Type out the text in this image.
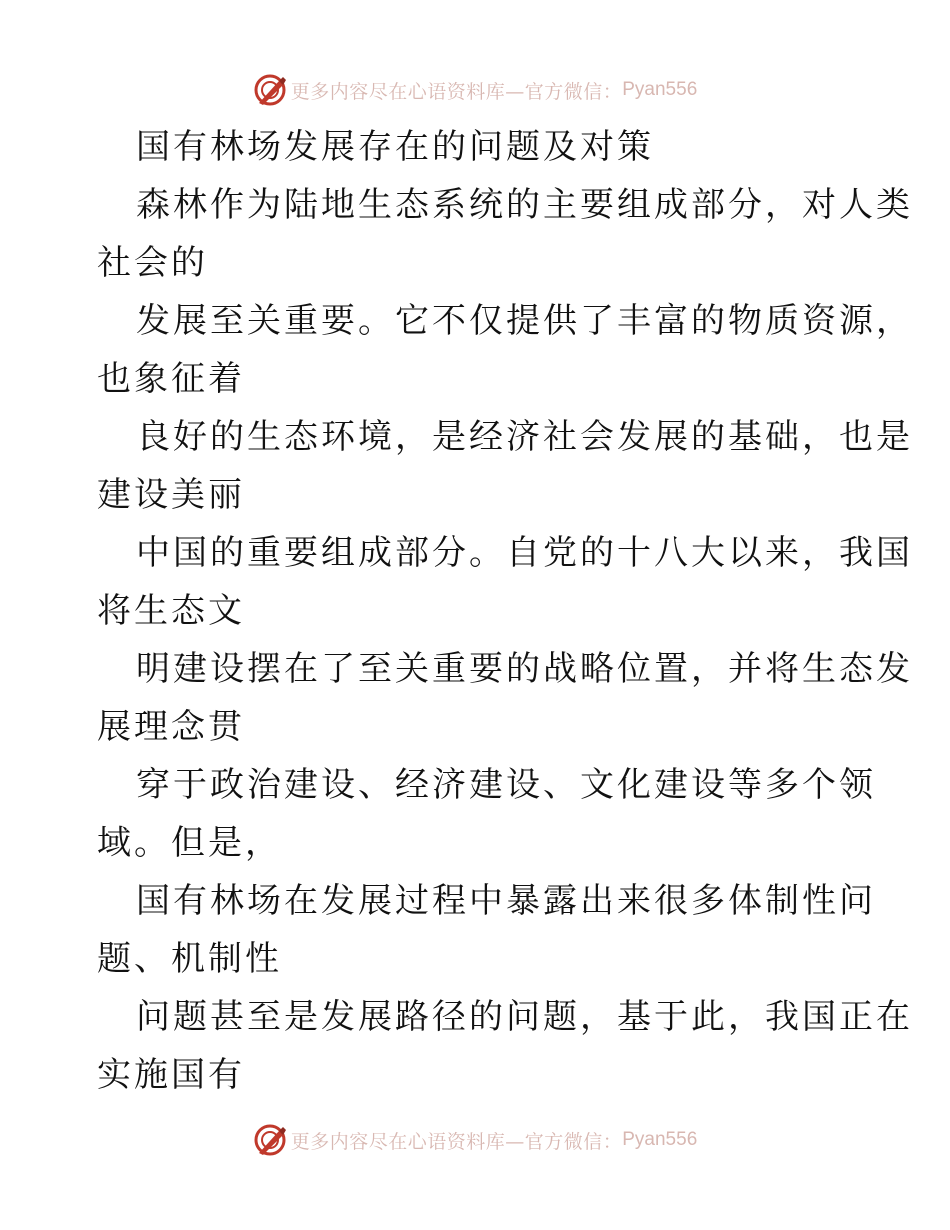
更多内容尽在心语资料库—官方微信： Pyan556
国有林场发展存在的问题及对策
森林作为陆地生态系统的主要组成部分，对人类
社会的
发展至关重要。它不仅提供了丰富的物质资源，
也象征着
良好的生态环境，是经济社会发展的基础，也是
建设美丽
中国的重要组成部分。自党的十八大以来，我国
将生态文
明建设摆在了至关重要的战略位置，并将生态发
展理念贯
穿于政治建设、经济建设、文化建设等多个领
域。但是，
国有林场在发展过程中暴露出来很多体制性问
题、机制性
问题甚至是发展路径的问题，基于此，我国正在
实施国有
更多内容尽在心语资料库—官方微信： Pyan556
